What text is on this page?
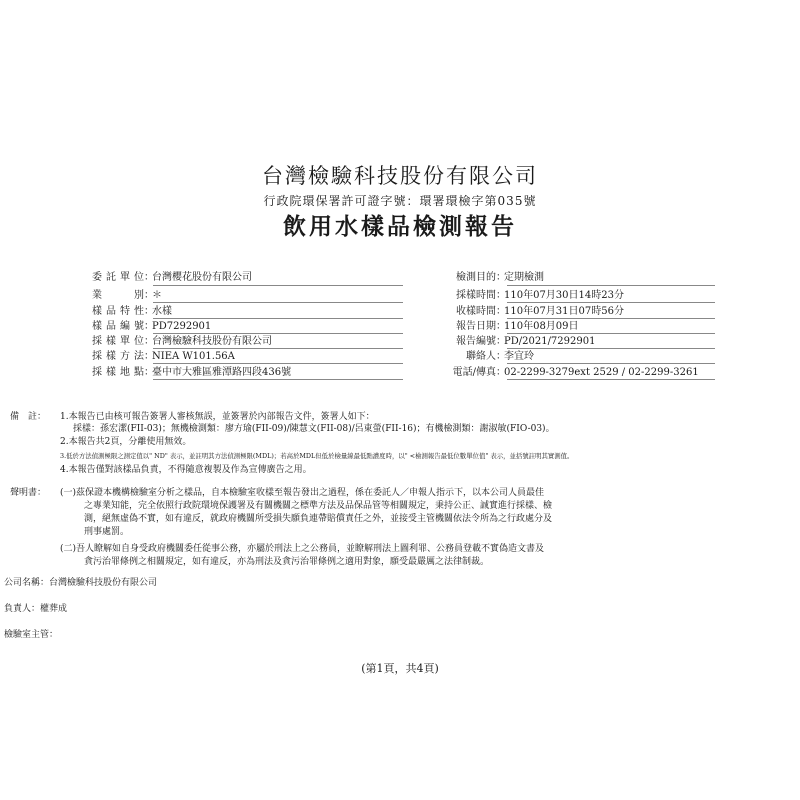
台灣檢驗科技股份有限公司
行政院環保署許可證字號：環署環檢字第035號
飲用水樣品檢測報告
委託單位：台灣櫻花股份有限公司
業別：＊
樣品特性：水樣
樣品編號：PD7292901
採樣單位：台灣檢驗科技股份有限公司
採樣方法：NIEA W101.56A
採樣地點：臺中市大雅區雅潭路四段436號
檢測目的：定期檢測
採樣時間：110年07月30日14時23分
收樣時間：110年07月31日07時56分
報告日期：110年08月09日
報告編號：PD/2021/7292901
聯絡人：李宜玲
電話/傳真：02-2299-3279ext 2529 / 02-2299-3261
備　註： 1.本報告已由核可報告簽署人審核無誤，並簽署於內部報告文件，簽署人如下：
採樣：孫宏潔(FII-03)；無機檢測類：廖方瑜(FII-09)/陳慧文(FII-08)/呂東螢(FII-16)；有機檢測類：謝淑敏(FIO-03)。
2.本報告共2頁，分離使用無效。
3.低於方法偵測極限之測定值以" ND" 表示，並註明其方法偵測極限(MDL)；若高於MDL但低於檢量線最低點濃度時，以" <檢測報告最低位數單位值" 表示，並括號註明其實測值。
4.本報告僅對該樣品負責，不得隨意複製及作為宣傳廣告之用。
聲明書： (一)茲保證本機構檢驗室分析之樣品，自本檢驗室收樣至報告發出之過程，係在委託人／申報人指示下，以本公司人員最佳
之專業知能，完全依照行政院環境保護署及有關機關之標準方法及品保品管等相關規定，秉持公正、誠實進行採樣、檢
測，絕無虛偽不實，如有違反，就政府機關所受損失願負連帶賠償責任之外，並接受主管機關依法令所為之行政處分及
刑事處罰。
(二)吾人瞭解如自身受政府機關委任從事公務，亦屬於刑法上之公務員，並瞭解刑法上圖利罪、公務員登載不實偽造文書及
貪污治罪條例之相關規定，如有違反，亦為刑法及貪污治罪條例之適用對象，願受最嚴厲之法律制裁。
公司名稱：台灣檢驗科技股份有限公司
負責人：權葬成
檢驗室主管：
(第1頁，共4頁)
